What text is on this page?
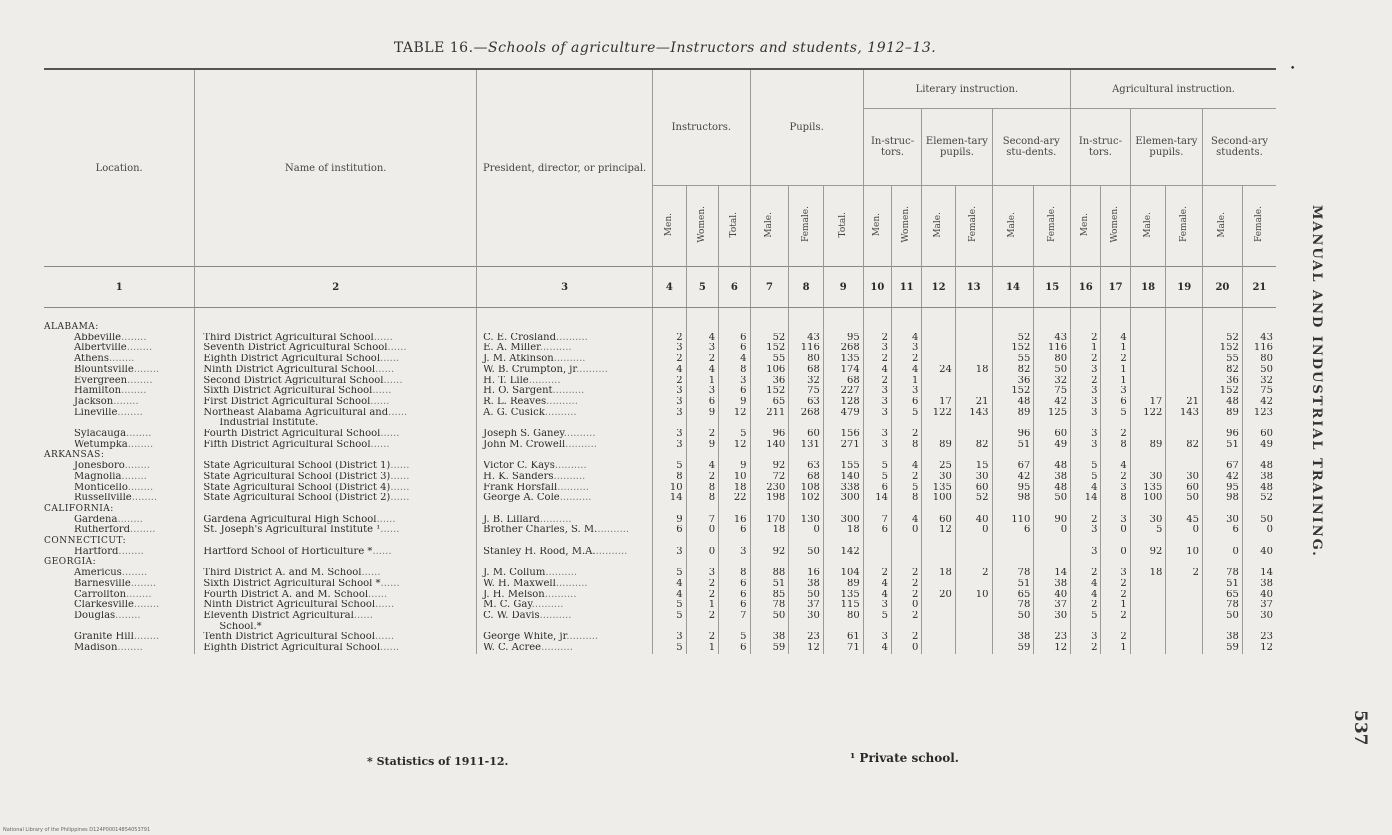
TABLE 16.—Schools of agriculture—Instructors and students, 1912–13.
•
Location.	Name of institution.	President, director, or principal.	Instructors.			Pupils.			Literary instruction.						Agricultural instruction.					
									In-struc-tors.		Elemen-tary pupils.		Second-ary stu-dents.		In-struc-tors.		Elemen-tary pupils.		Second-ary students.	
			Men.	Women.	Total.	Male.	Female.	Total.	Men.	Women.	Male.	Female.	Male.	Female.	Men.	Women.	Male.	Female.	Male.	Female.
1	2	3	4	5	6	7	8	9	10	11	12	13	14	15	16	17	18	19	20	21

ALABAMA:																				
Abbeville........	Third District Agricultural School......	C. E. Crosland..........	2	4	6	52	43	95	2	4			52	43	2	4			52	43
Albertville........	Seventh District Agricultural School......	E. A. Miller..........	3	3	6	152	116	268	3	3			152	116	1	1			152	116
Athens........	Eighth District Agricultural School......	J. M. Atkinson..........	2	2	4	55	80	135	2	2			55	80	2	2			55	80
Blountsville........	Ninth District Agricultural School......	W. B. Crumpton, jr..........	4	4	8	106	68	174	4	4	24	18	82	50	3	1			82	50
Evergreen........	Second District Agricultural School......	H. T. Lile..........	2	1	3	36	32	68	2	1			36	32	2	1			36	32
Hamilton........	Sixth District Agricultural School......	H. O. Sargent..........	3	3	6	152	75	227	3	3			152	75	3	3			152	75
Jackson........	First District Agricultural School......	R. L. Reaves..........	3	6	9	65	63	128	3	6	17	21	48	42	3	6	17	21	48	42
Lineville........	Northeast Alabama Agricultural and......	A. G. Cusick..........	3	9	12	211	268	479	3	5	122	143	89	125	3	5	122	143	89	123
	Industrial Institute.																			
Sylacauga........	Fourth District Agricultural School......	Joseph S. Ganey..........	3	2	5	96	60	156	3	2			96	60	3	2			96	60
Wetumpka........	Fifth District Agricultural School......	John M. Crowell..........	3	9	12	140	131	271	3	8	89	82	51	49	3	8	89	82	51	49
ARKANSAS:																				
Jonesboro........	State Agricultural School (District 1)......	Victor C. Kays..........	5	4	9	92	63	155	5	4	25	15	67	48	5	4			67	48
Magnolia........	State Agricultural School (District 3)......	H. K. Sanders..........	8	2	10	72	68	140	5	2	30	30	42	38	5	2	30	30	42	38
Monticello........	State Agricultural School (District 4)......	Frank Horsfall..........	10	8	18	230	108	338	6	5	135	60	95	48	4	3	135	60	95	48
Russellville........	State Agricultural School (District 2)......	George A. Cole..........	14	8	22	198	102	300	14	8	100	52	98	50	14	8	100	50	98	52
CALIFORNIA:																				
Gardena........	Gardena Agricultural High School......	J. B. Lillard..........	9	7	16	170	130	300	7	4	60	40	110	90	2	3	30	45	30	50
Rutherford........	St. Joseph's Agricultural Institute ¹......	Brother Charles, S. M...........	6	0	6	18	0	18	6	0	12	0	6	0	3	0	5	0	6	0
CONNECTICUT:																				
Hartford........	Hartford School of Horticulture *......	Stanley H. Rood, M.A...........	3	0	3	92	50	142							3	0	92	10	0	40
GEORGIA:																				
Americus........	Third District A. and M. School......	J. M. Collum..........	5	3	8	88	16	104	2	2	18	2	78	14	2	3	18	2	78	14
Barnesville........	Sixth District Agricultural School *......	W. H. Maxwell..........	4	2	6	51	38	89	4	2			51	38	4	2			51	38
Carrollton........	Fourth District A. and M. School......	J. H. Melson..........	4	2	6	85	50	135	4	2	20	10	65	40	4	2			65	40
Clarkesville........	Ninth District Agricultural School......	M. C. Gay..........	5	1	6	78	37	115	3	0			78	37	2	1			78	37
Douglas........	Eleventh District Agricultural......	C. W. Davis..........	5	2	7	50	30	80	5	2			50	30	5	2			50	30
	School.*																			
Granite Hill........	Tenth District Agricultural School......	George White, jr..........	3	2	5	38	23	61	3	2			38	23	3	2			38	23
Madison........	Eighth District Agricultural School......	W. C. Acree..........	5	1	6	59	12	71	4	0			59	12	2	1			59	12
* Statistics of 1911-12.	¹ Private school.
MANUAL AND INDUSTRIAL TRAINING.
537
National Library of the Philippines D124P00014854053791
